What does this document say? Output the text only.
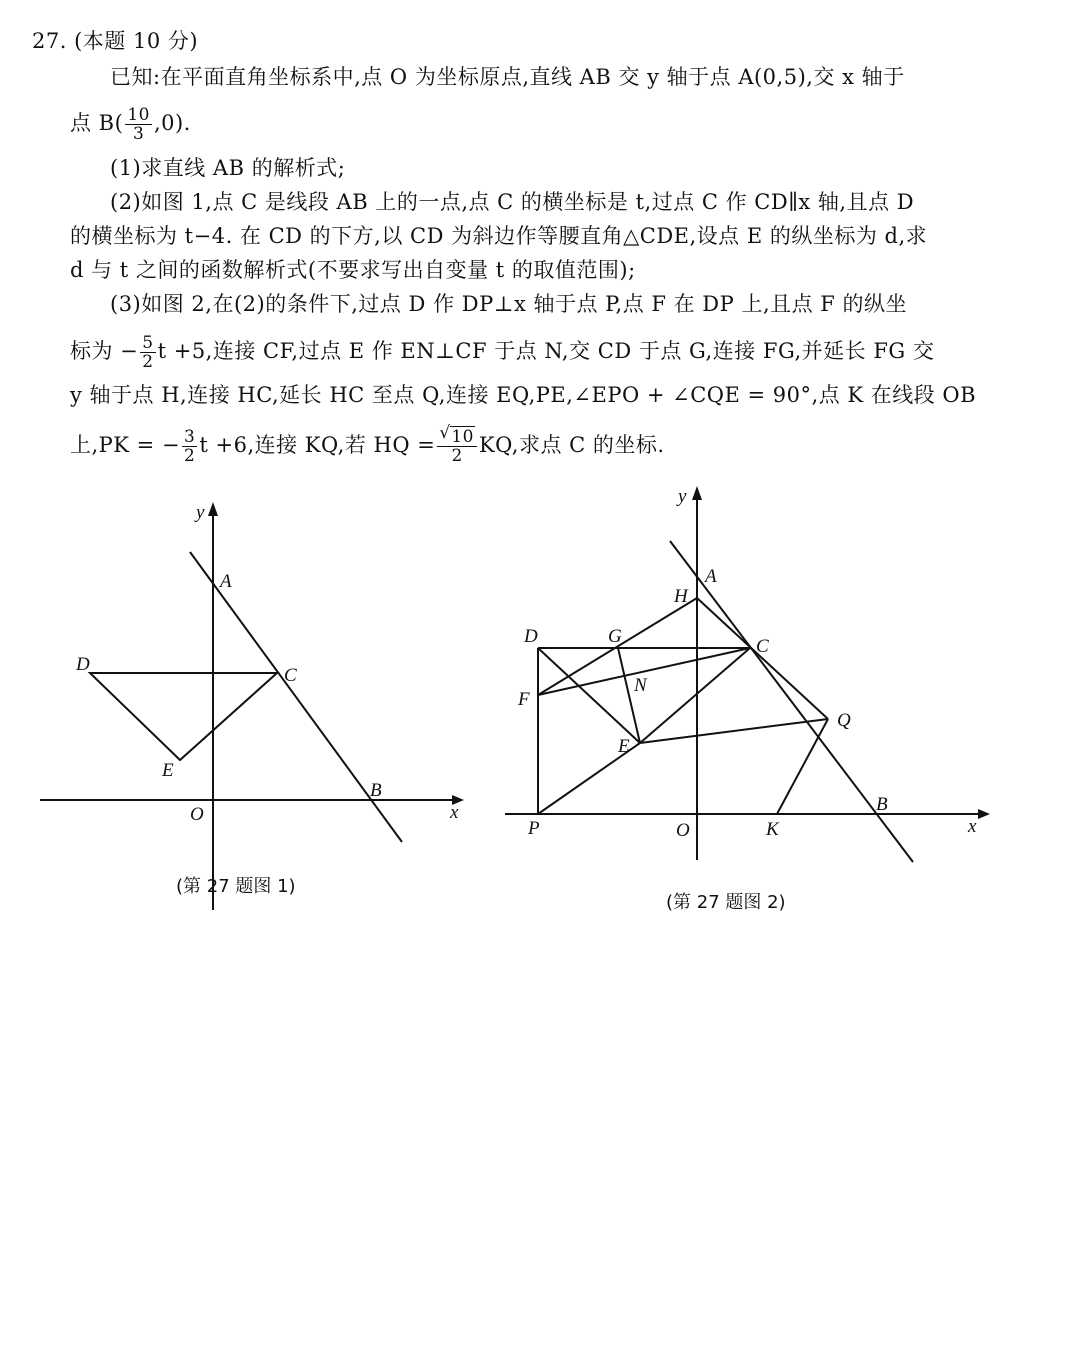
27. (本题 10 分)
已知:在平面直角坐标系中,点 O 为坐标原点,直线 AB 交 y 轴于点 A(0,5),交 x 轴于
点 $B( \frac{10}{3} ,0)$.
(1)求直线 AB 的解析式;
(2)如图 1,点 C 是线段 AB 上的一点,点 C 的横坐标是 t,过点 C 作 CD∥x 轴,且点 D
的横坐标为 t−4. 在 CD 的下方,以 CD 为斜边作等腰直角△CDE,设点 E 的纵坐标为 d,求
d 与 t 之间的函数解析式(不要求写出自变量 t 的取值范围);
(3)如图 2,在(2)的条件下,过点 D 作 DP⊥x 轴于点 P,点 F 在 DP 上,且点 F 的纵坐
标为 − $\frac{5}{2}$ t +5,连接 CF,过点 E 作 EN⊥CF 于点 N,交 CD 于点 G,连接 FG,并延长 FG 交
y 轴于点 H,连接 HC,延长 HC 至点 Q,连接 EQ,PE,∠EPO + ∠CQE = 90°,点 K 在线段 OB
上,PK = − $\frac{3}{2}$ t +6,连接 KQ,若 HQ = $\frac{√ 10}{2}$ KQ,求点 C 的坐标.
y
x
O
A
B
C
D
E
(第 27 题图 1)
y
x
O
A
B
C
D
E
F
G
H
N
P
Q
K
(第 27 题图 2)
